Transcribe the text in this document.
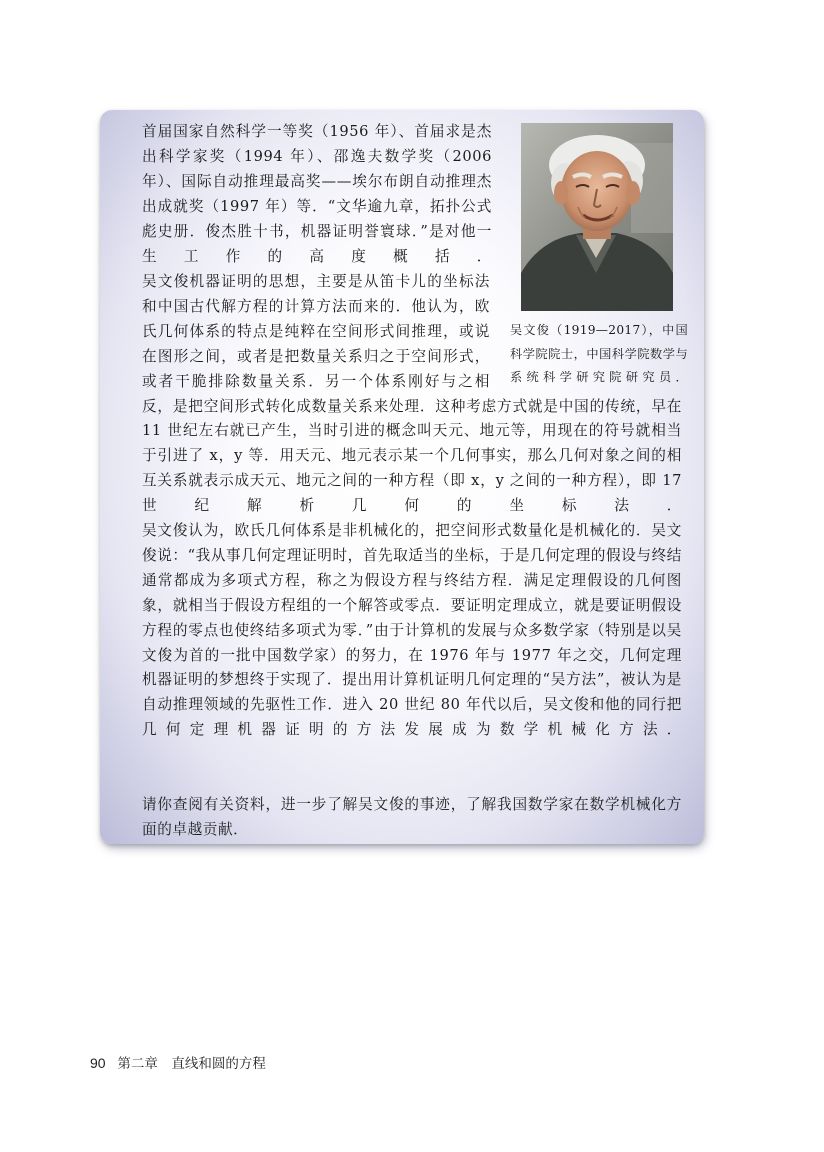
首届国家自然科学一等奖（1956 年）、首届求是杰出科学家奖（1994 年）、邵逸夫数学奖（2006 年）、国际自动推理最高奖——埃尔布朗自动推理杰出成就奖（1997 年）等．“文华逾九章，拓扑公式彪史册．俊杰胜十书，机器证明誉寰球．”是对他一生工作的高度概括．

吴文俊机器证明的思想，主要是从笛卡儿的坐标法和中国古代解方程的计算方法而来的．他认为，欧氏几何体系的特点是纯粹在空间形式间推理，或说在图形之间，或者是把数量关系归之于空间形式，或者干脆排除数量关系．另一个体系刚好与之相反，是把空间形式转化成数量关系来处理．这种考虑方式就是中国的传统，早在 11 世纪左右就已产生，当时引进的概念叫天元、地元等，用现在的符号就相当于引进了 x，y 等．用天元、地元表示某一个几何事实，那么几何对象之间的相互关系就表示成天元、地元之间的一种方程（即 x，y 之间的一种方程），即 17 世纪解析几何的坐标法．

吴文俊认为，欧氏几何体系是非机械化的，把空间形式数量化是机械化的．吴文俊说：“我从事几何定理证明时，首先取适当的坐标，于是几何定理的假设与终结通常都成为多项式方程，称之为假设方程与终结方程．满足定理假设的几何图象，就相当于假设方程组的一个解答或零点．要证明定理成立，就是要证明假设方程的零点也使终结多项式为零．”由于计算机的发展与众多数学家（特别是以吴文俊为首的一批中国数学家）的努力，在 1976 年与 1977 年之交，几何定理机器证明的梦想终于实现了．提出用计算机证明几何定理的“吴方法”，被认为是自动推理领域的先驱性工作．进入 20 世纪 80 年代以后，吴文俊和他的同行把几何定理机器证明的方法发展成为数学机械化方法．

请你查阅有关资料，进一步了解吴文俊的事迹，了解我国数学家在数学机械化方面的卓越贡献．

吴文俊（1919—2017），中国科学院院士，中国科学院数学与系统科学研究院研究员．

90 第二章　直线和圆的方程
